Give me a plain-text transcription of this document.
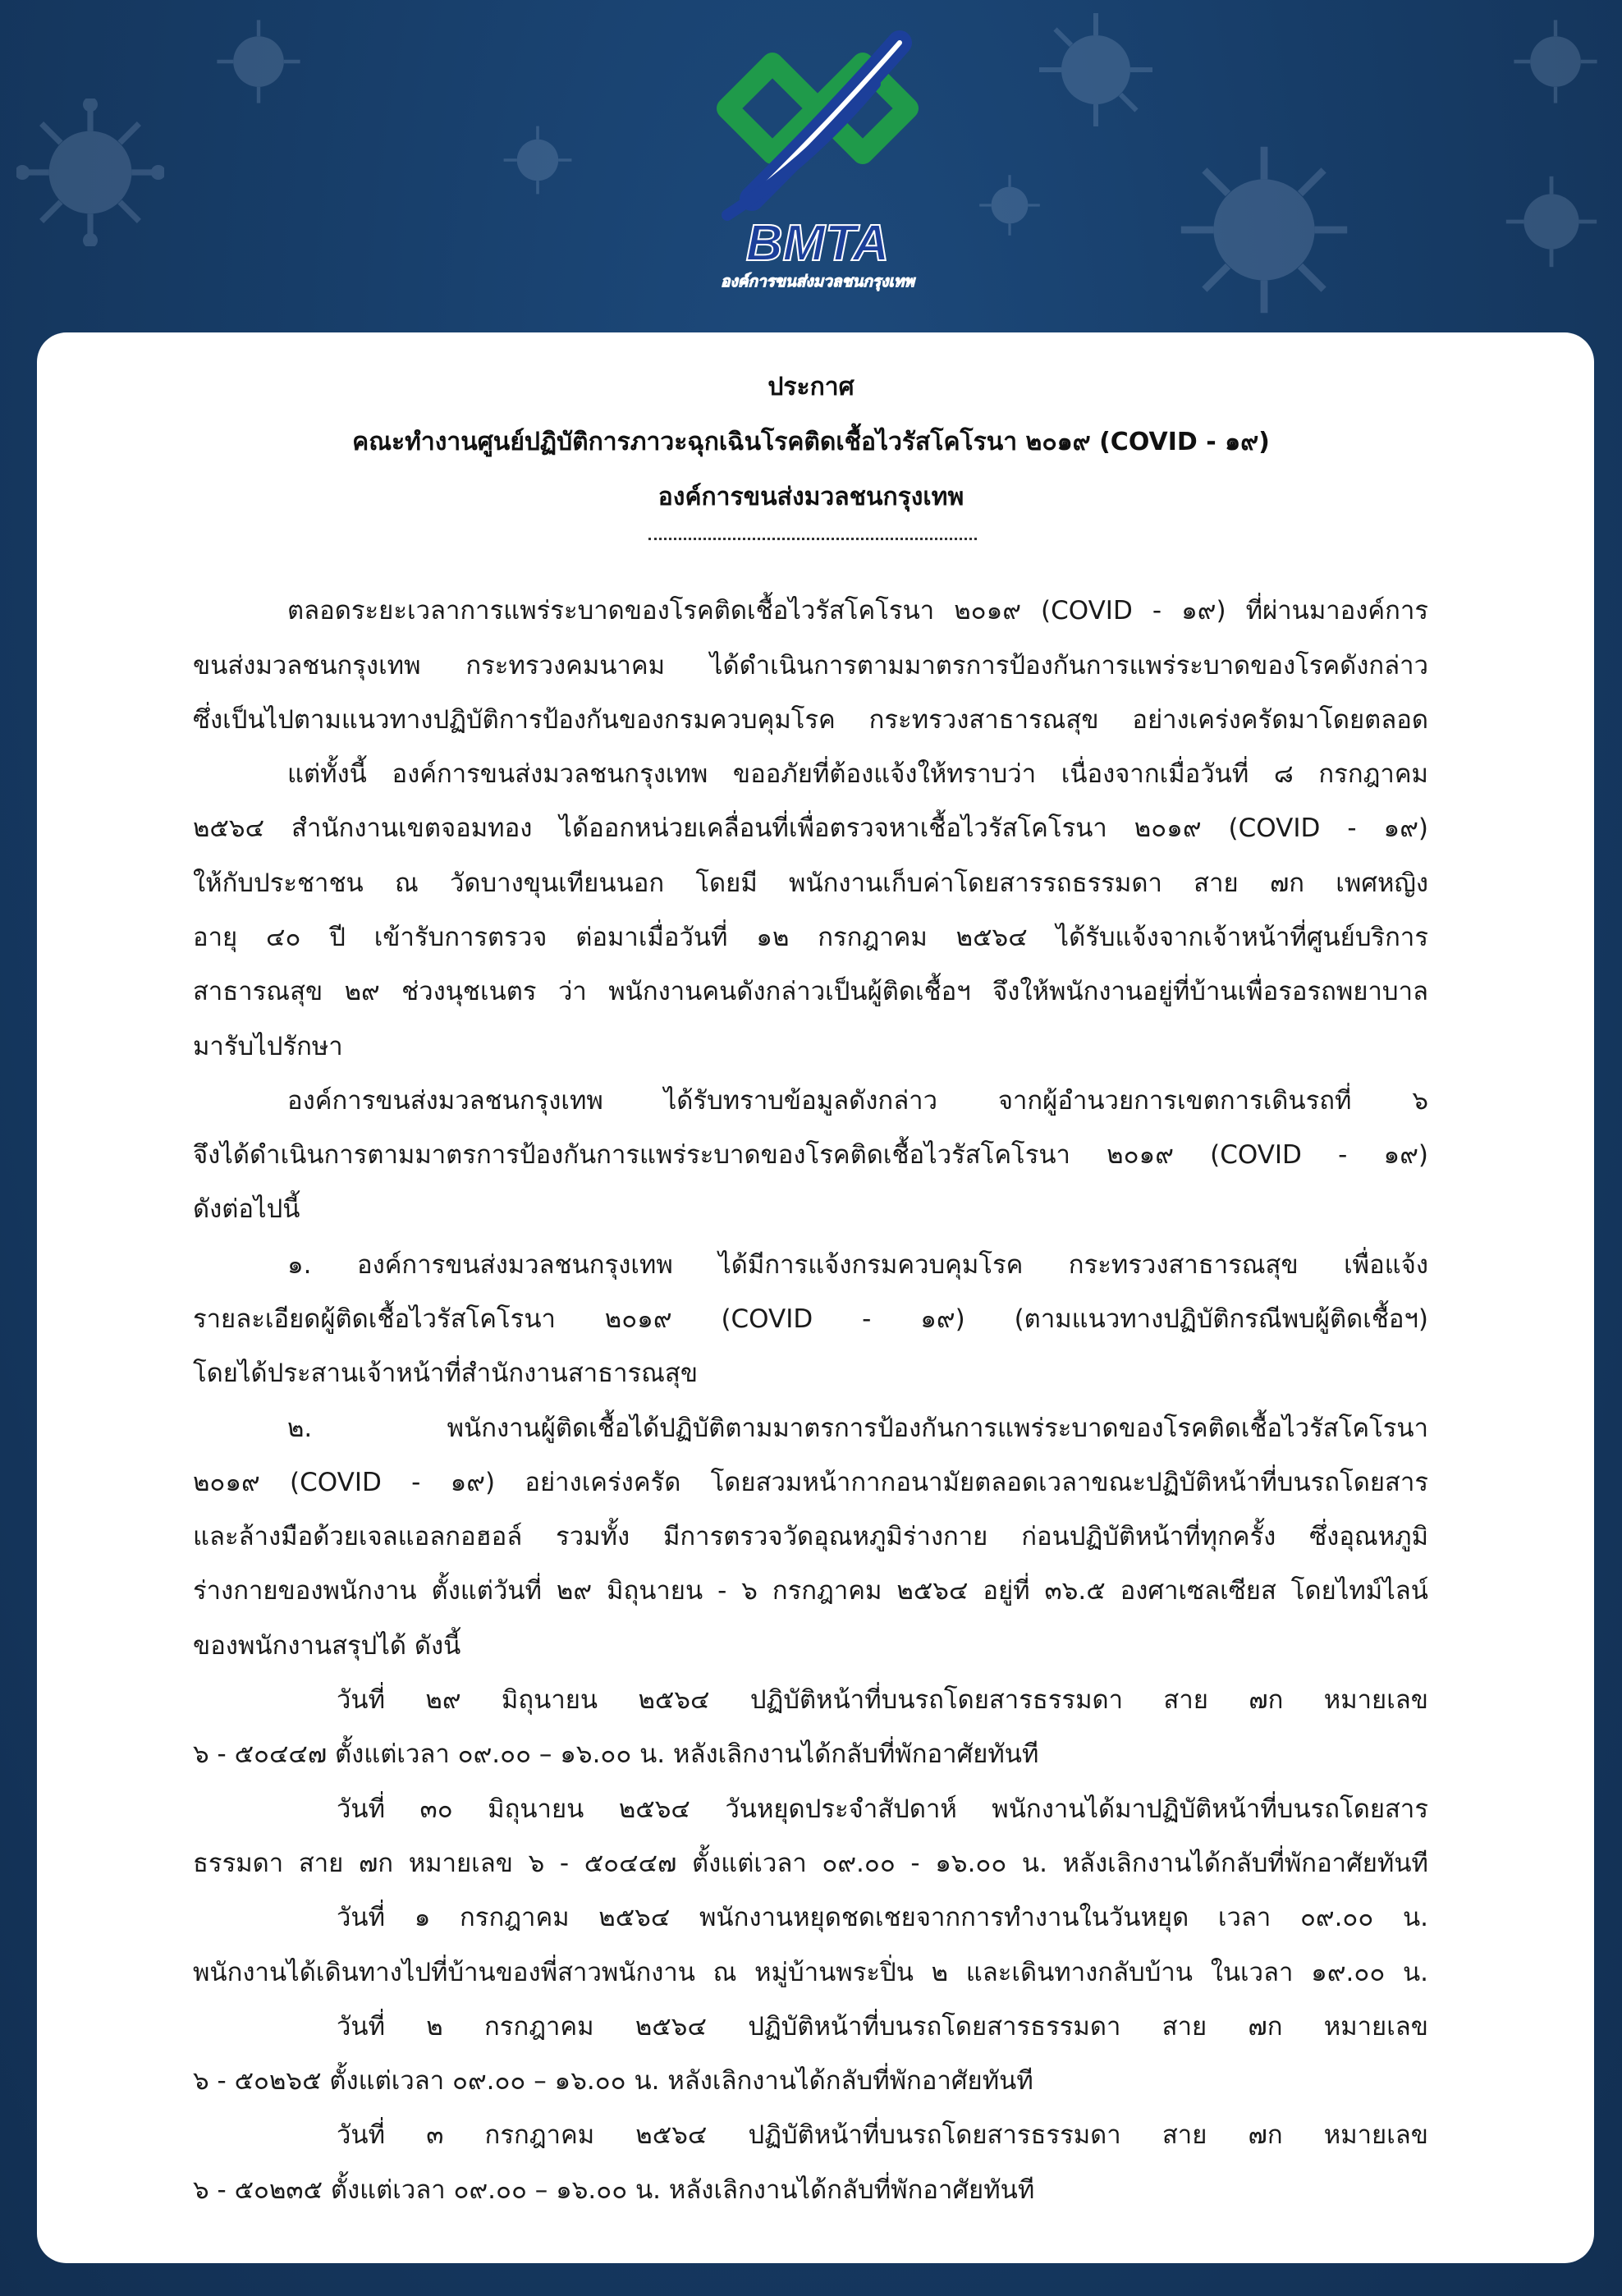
BMTA
องค์การขนส่งมวลชนกรุงเทพ
ประกาศ
คณะทำงานศูนย์ปฏิบัติการภาวะฉุกเฉินโรคติดเชื้อไวรัสโคโรนา ๒๐๑๙ (COVID - ๑๙)
องค์การขนส่งมวลชนกรุงเทพ
ตลอดระยะเวลาการแพร่ระบาดของโรคติดเชื้อไวรัสโคโรนา ๒๐๑๙ (COVID - ๑๙) ที่ผ่านมาองค์การ
ขนส่งมวลชนกรุงเทพ กระทรวงคมนาคม ได้ดำเนินการตามมาตรการป้องกันการแพร่ระบาดของโรคดังกล่าว
ซึ่งเป็นไปตามแนวทางปฏิบัติการป้องกันของกรมควบคุมโรค กระทรวงสาธารณสุข อย่างเคร่งครัดมาโดยตลอด
แต่ทั้งนี้ องค์การขนส่งมวลชนกรุงเทพ ขออภัยที่ต้องแจ้งให้ทราบว่า เนื่องจากเมื่อวันที่ ๘ กรกฎาคม
๒๕๖๔ สำนักงานเขตจอมทอง ได้ออกหน่วยเคลื่อนที่เพื่อตรวจหาเชื้อไวรัสโคโรนา ๒๐๑๙ (COVID - ๑๙)
ให้กับประชาชน ณ วัดบางขุนเทียนนอก โดยมี พนักงานเก็บค่าโดยสารรถธรรมดา สาย ๗ก เพศหญิง
อายุ ๔๐ ปี เข้ารับการตรวจ ต่อมาเมื่อวันที่ ๑๒ กรกฎาคม ๒๕๖๔ ได้รับแจ้งจากเจ้าหน้าที่ศูนย์บริการ
สาธารณสุข ๒๙ ช่วงนุชเนตร ว่า พนักงานคนดังกล่าวเป็นผู้ติดเชื้อฯ จึงให้พนักงานอยู่ที่บ้านเพื่อรอรถพยาบาล
มารับไปรักษา
องค์การขนส่งมวลชนกรุงเทพ ได้รับทราบข้อมูลดังกล่าว จากผู้อำนวยการเขตการเดินรถที่ ๖
จึงได้ดำเนินการตามมาตรการป้องกันการแพร่ระบาดของโรคติดเชื้อไวรัสโคโรนา ๒๐๑๙ (COVID - ๑๙)
ดังต่อไปนี้
๑. องค์การขนส่งมวลชนกรุงเทพ ได้มีการแจ้งกรมควบคุมโรค กระทรวงสาธารณสุข เพื่อแจ้ง
รายละเอียดผู้ติดเชื้อไวรัสโคโรนา ๒๐๑๙ (COVID - ๑๙) (ตามแนวทางปฏิบัติกรณีพบผู้ติดเชื้อฯ)
โดยได้ประสานเจ้าหน้าที่สำนักงานสาธารณสุข
๒. พนักงานผู้ติดเชื้อได้ปฏิบัติตามมาตรการป้องกันการแพร่ระบาดของโรคติดเชื้อไวรัสโคโรนา
๒๐๑๙ (COVID - ๑๙) อย่างเคร่งครัด โดยสวมหน้ากากอนามัยตลอดเวลาขณะปฏิบัติหน้าที่บนรถโดยสาร
และล้างมือด้วยเจลแอลกอฮอล์ รวมทั้ง มีการตรวจวัดอุณหภูมิร่างกาย ก่อนปฏิบัติหน้าที่ทุกครั้ง ซึ่งอุณหภูมิ
ร่างกายของพนักงาน ตั้งแต่วันที่ ๒๙ มิถุนายน - ๖ กรกฎาคม ๒๕๖๔ อยู่ที่ ๓๖.๕ องศาเซลเซียส โดยไทม์ไลน์
ของพนักงานสรุปได้ ดังนี้
วันที่ ๒๙ มิถุนายน ๒๕๖๔ ปฏิบัติหน้าที่บนรถโดยสารธรรมดา สาย ๗ก หมายเลข
๖ - ๕๐๔๔๗ ตั้งแต่เวลา ๐๙.๐๐ – ๑๖.๐๐ น. หลังเลิกงานได้กลับที่พักอาศัยทันที
วันที่ ๓๐ มิถุนายน ๒๕๖๔ วันหยุดประจำสัปดาห์ พนักงานได้มาปฏิบัติหน้าที่บนรถโดยสาร
ธรรมดา สาย ๗ก หมายเลข ๖ - ๕๐๔๔๗ ตั้งแต่เวลา ๐๙.๐๐ - ๑๖.๐๐ น. หลังเลิกงานได้กลับที่พักอาศัยทันที
วันที่ ๑ กรกฎาคม ๒๕๖๔ พนักงานหยุดชดเชยจากการทำงานในวันหยุด เวลา ๐๙.๐๐ น.
พนักงานได้เดินทางไปที่บ้านของพี่สาวพนักงาน ณ หมู่บ้านพระปิ่น ๒ และเดินทางกลับบ้าน ในเวลา ๑๙.๐๐ น.
วันที่ ๒ กรกฎาคม ๒๕๖๔ ปฏิบัติหน้าที่บนรถโดยสารธรรมดา สาย ๗ก หมายเลข
๖ - ๕๐๒๖๕ ตั้งแต่เวลา ๐๙.๐๐ – ๑๖.๐๐ น. หลังเลิกงานได้กลับที่พักอาศัยทันที
วันที่ ๓ กรกฎาคม ๒๕๖๔ ปฏิบัติหน้าที่บนรถโดยสารธรรมดา สาย ๗ก หมายเลข
๖ - ๕๐๒๓๕ ตั้งแต่เวลา ๐๙.๐๐ – ๑๖.๐๐ น. หลังเลิกงานได้กลับที่พักอาศัยทันที
